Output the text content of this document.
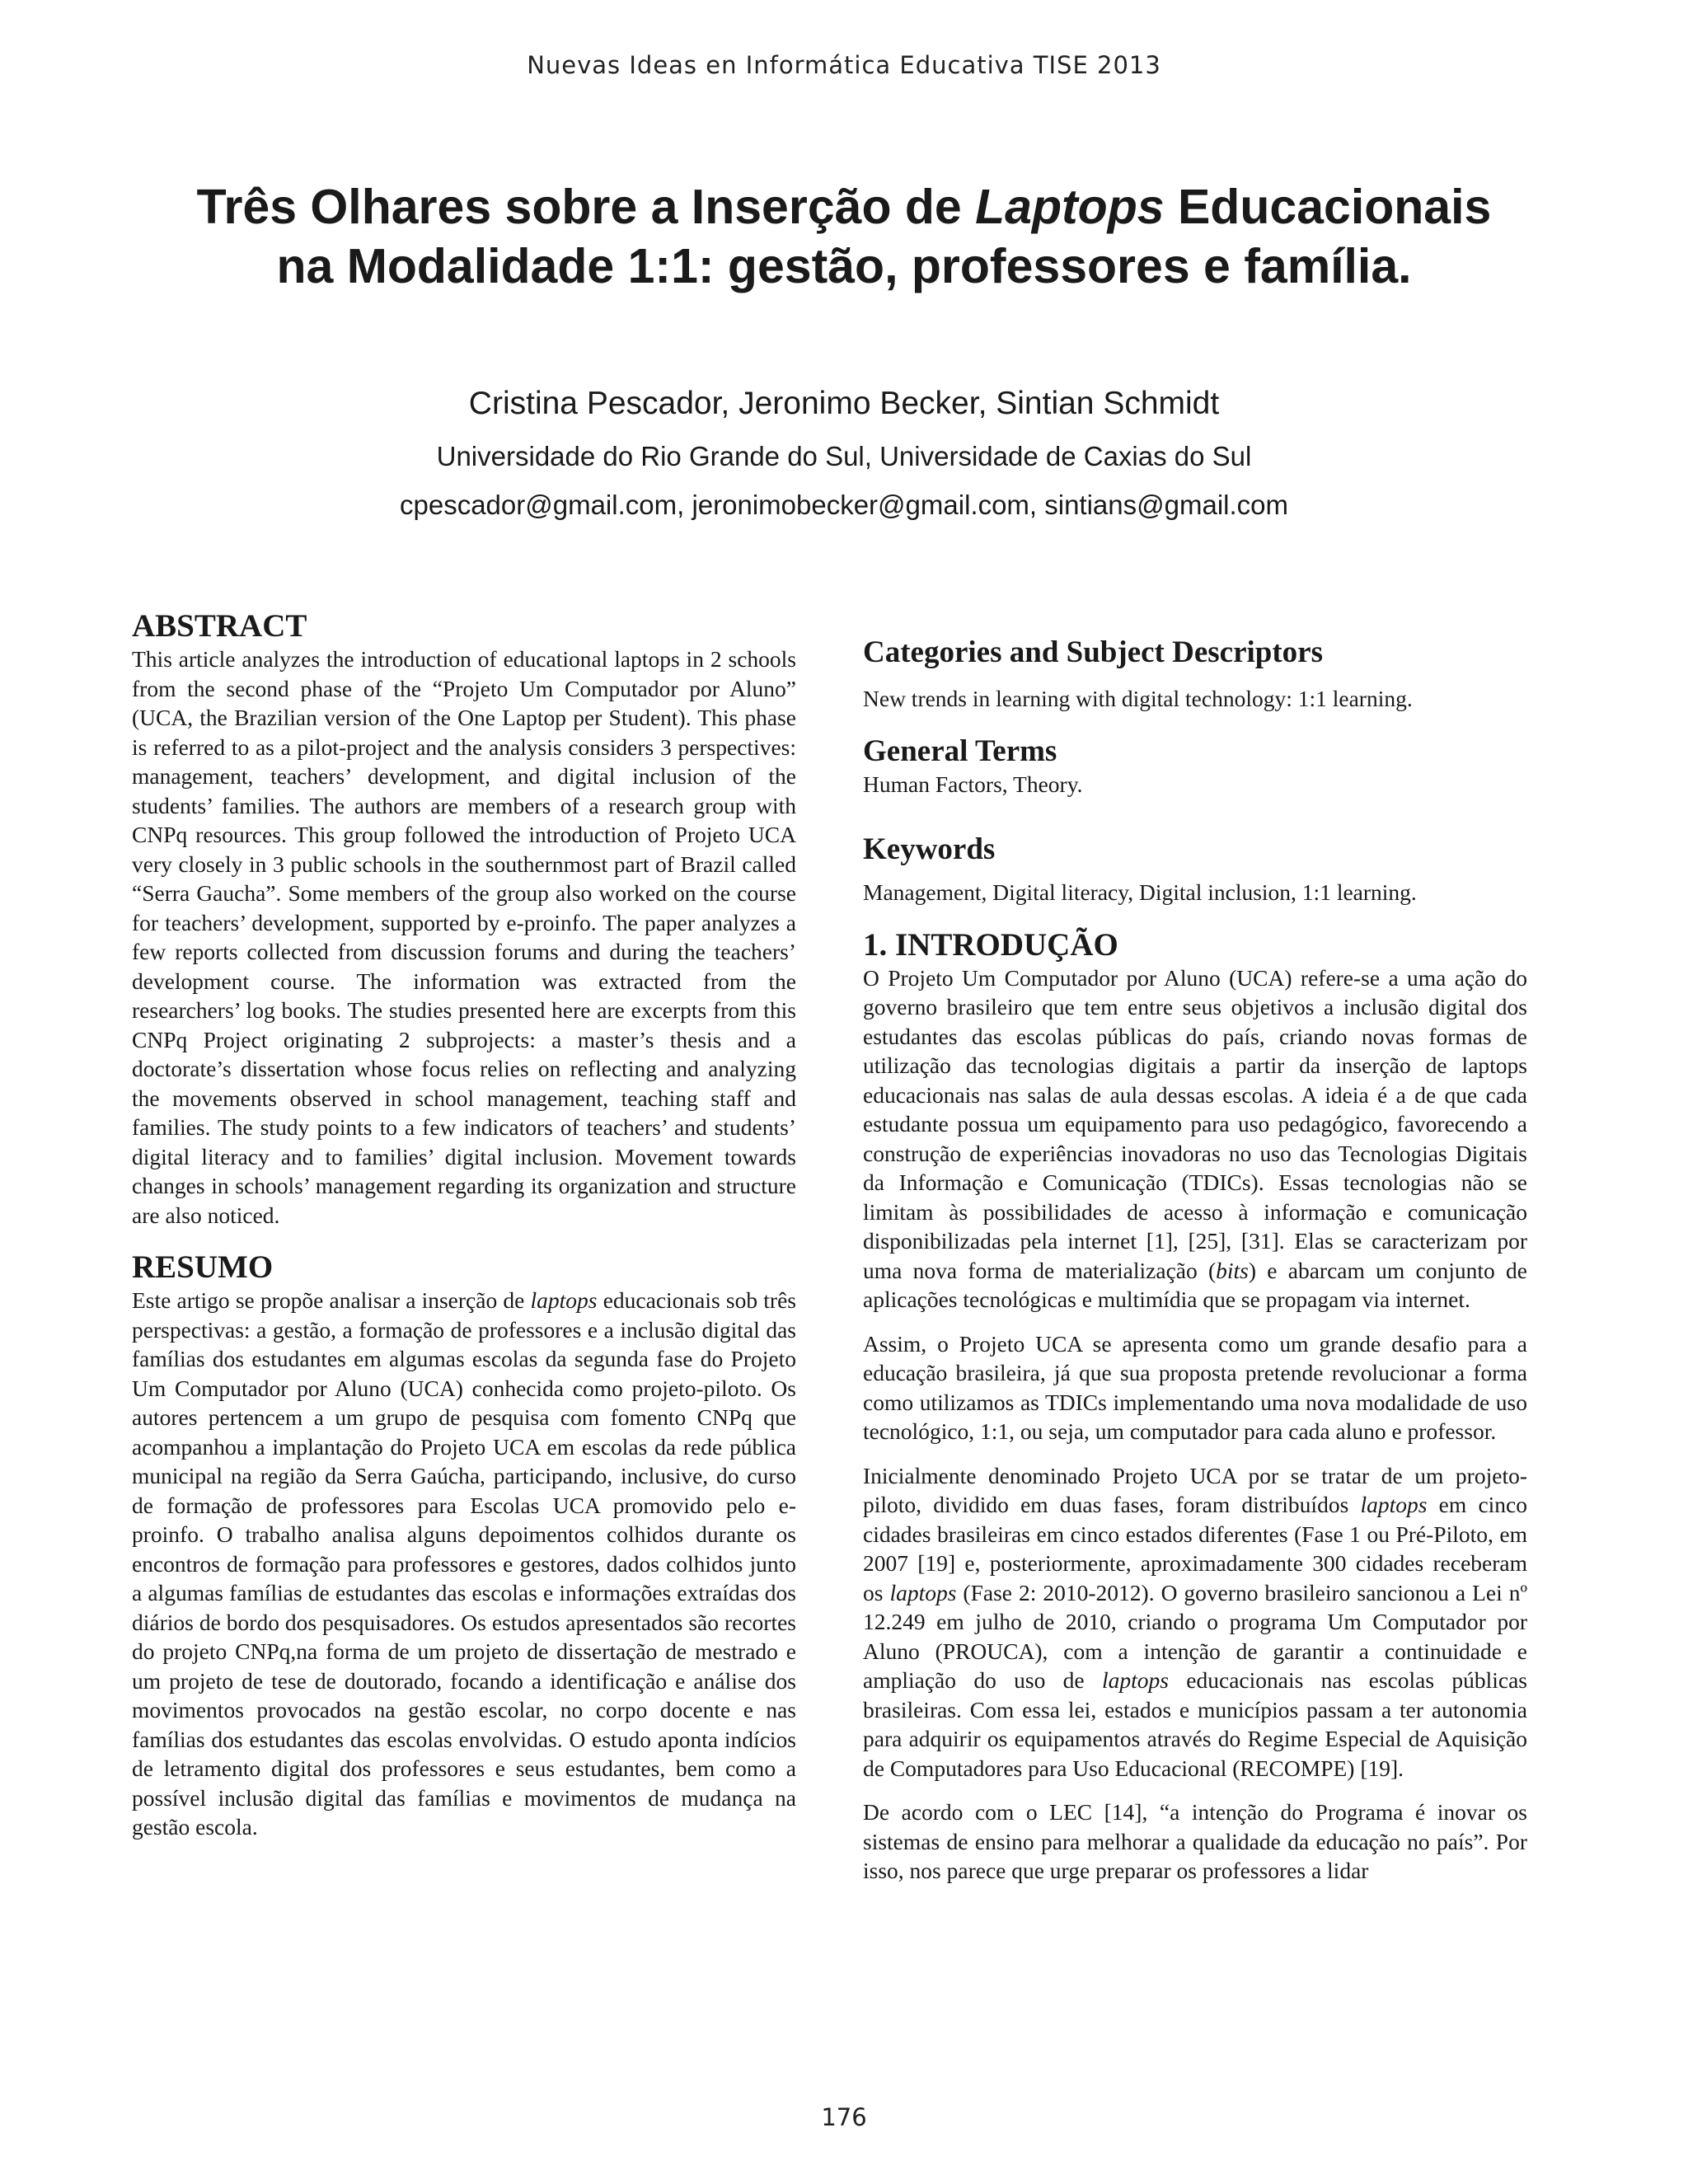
Nuevas Ideas en Informática Educativa TISE 2013
Três Olhares sobre a Inserção de Laptops Educacionais
na Modalidade 1:1: gestão, professores e família.
Cristina Pescador, Jeronimo Becker, Sintian Schmidt
Universidade do Rio Grande do Sul, Universidade de Caxias do Sul
cpescador@gmail.com, jeronimobecker@gmail.com, sintians@gmail.com
ABSTRACT

This article analyzes the introduction of educational laptops in 2 schools from the second phase of the “Projeto Um Computador por Aluno” (UCA, the Brazilian version of the One Laptop per Student). This phase is referred to as a pilot-project and the analysis considers 3 perspectives: management, teachers’ development, and digital inclusion of the students’ families. The authors are members of a research group with CNPq resources. This group followed the introduction of Projeto UCA very closely in 3 public schools in the southernmost part of Brazil called “Serra Gaucha”. Some members of the group also worked on the course for teachers’ development, supported by e-proinfo. The paper analyzes a few reports collected from discussion forums and during the teachers’ development course. The information was extracted from the researchers’ log books. The studies presented here are excerpts from this CNPq Project originating 2 subprojects: a master’s thesis and a doctorate’s dissertation whose focus relies on reflecting and analyzing the movements observed in school management, teaching staff and families. The study points to a few indicators of teachers’ and students’ digital literacy and to families’ digital inclusion. Movement towards changes in schools’ management regarding its organization and structure are also noticed.

RESUMO

Este artigo se propõe analisar a inserção de laptops educacionais sob três perspectivas: a gestão, a formação de professores e a inclusão digital das famílias dos estudantes em algumas escolas da segunda fase do Projeto Um Computador por Aluno (UCA) conhecida como projeto-piloto. Os autores pertencem a um grupo de pesquisa com fomento CNPq que acompanhou a implantação do Projeto UCA em escolas da rede pública municipal na região da Serra Gaúcha, participando, inclusive, do curso de formação de professores para Escolas UCA promovido pelo e-proinfo. O trabalho analisa alguns depoimentos colhidos durante os encontros de formação para professores e gestores, dados colhidos junto a algumas famílias de estudantes das escolas e informações extraídas dos diários de bordo dos pesquisadores. Os estudos apresentados são recortes do projeto CNPq,na forma de um projeto de dissertação de mestrado e um projeto de tese de doutorado, focando a identificação e análise dos movimentos provocados na gestão escolar, no corpo docente e nas famílias dos estudantes das escolas envolvidas. O estudo aponta indícios de letramento digital dos professores e seus estudantes, bem como a possível inclusão digital das famílias e movimentos de mudança na gestão escola.

Categories and Subject Descriptors

New trends in learning with digital technology: 1:1 learning.

General Terms

Human Factors, Theory.

Keywords

Management, Digital literacy, Digital inclusion, 1:1 learning.

1. INTRODUÇÃO

O Projeto Um Computador por Aluno (UCA) refere-se a uma ação do governo brasileiro que tem entre seus objetivos a inclusão digital dos estudantes das escolas públicas do país, criando novas formas de utilização das tecnologias digitais a partir da inserção de laptops educacionais nas salas de aula dessas escolas. A ideia é a de que cada estudante possua um equipamento para uso pedagógico, favorecendo a construção de experiências inovadoras no uso das Tecnologias Digitais da Informação e Comunicação (TDICs). Essas tecnologias não se limitam às possibilidades de acesso à informação e comunicação disponibilizadas pela internet [1], [25], [31]. Elas se caracterizam por uma nova forma de materialização (bits) e abarcam um conjunto de aplicações tecnológicas e multimídia que se propagam via internet.

Assim, o Projeto UCA se apresenta como um grande desafio para a educação brasileira, já que sua proposta pretende revolucionar a forma como utilizamos as TDICs implementando uma nova modalidade de uso tecnológico, 1:1, ou seja, um computador para cada aluno e professor.

Inicialmente denominado Projeto UCA por se tratar de um projeto-piloto, dividido em duas fases, foram distribuídos laptops em cinco cidades brasileiras em cinco estados diferentes (Fase 1 ou Pré-Piloto, em 2007 [19] e, posteriormente, aproximadamente 300 cidades receberam os laptops (Fase 2: 2010-2012). O governo brasileiro sancionou a Lei nº 12.249 em julho de 2010, criando o programa Um Computador por Aluno (PROUCA), com a intenção de garantir a continuidade e ampliação do uso de laptops educacionais nas escolas públicas brasileiras. Com essa lei, estados e municípios passam a ter autonomia para adquirir os equipamentos através do Regime Especial de Aquisição de Computadores para Uso Educacional (RECOMPE) [19].

De acordo com o LEC [14], “a intenção do Programa é inovar os sistemas de ensino para melhorar a qualidade da educação no país”. Por isso, nos parece que urge preparar os professores a lidar

176
